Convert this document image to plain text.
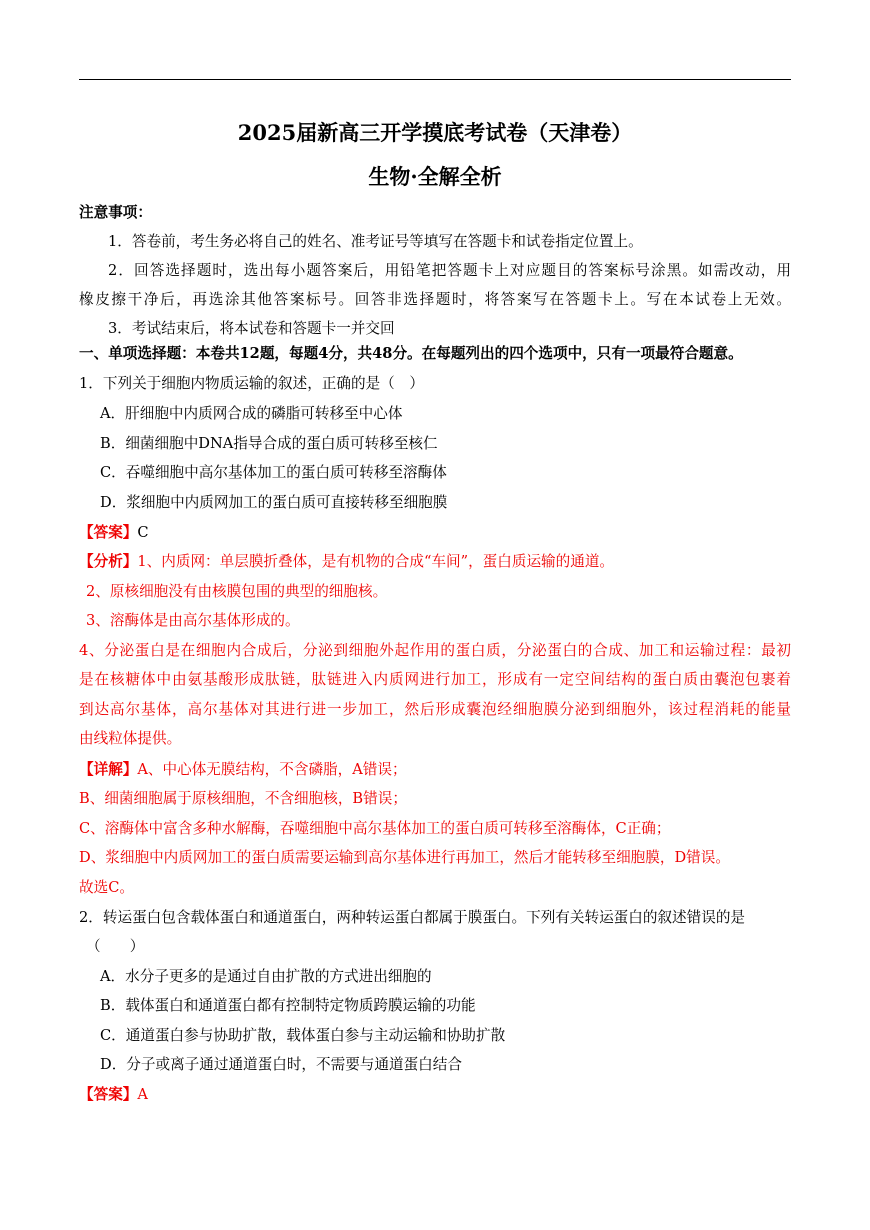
2025届新高三开学摸底考试卷（天津卷）
生物·全解全析
注意事项：
1．答卷前，考生务必将自己的姓名、准考证号等填写在答题卡和试卷指定位置上。
2．回答选择题时，选出每小题答案后，用铅笔把答题卡上对应题目的答案标号涂黑。如需改动，用
橡皮擦干净后，再选涂其他答案标号。回答非选择题时，将答案写在答题卡上。写在本试卷上无效。
3．考试结束后，将本试卷和答题卡一并交回
一、单项选择题：本卷共12题，每题4分，共48分。在每题列出的四个选项中，只有一项最符合题意。
1．下列关于细胞内物质运输的叙述，正确的是（　）
A．肝细胞中内质网合成的磷脂可转移至中心体
B．细菌细胞中DNA指导合成的蛋白质可转移至核仁
C．吞噬细胞中高尔基体加工的蛋白质可转移至溶酶体
D．浆细胞中内质网加工的蛋白质可直接转移至细胞膜
【答案】C
【分析】1、内质网：单层膜折叠体，是有机物的合成“车间”，蛋白质运输的通道。
2、原核细胞没有由核膜包围的典型的细胞核。
3、溶酶体是由高尔基体形成的。
4、分泌蛋白是在细胞内合成后，分泌到细胞外起作用的蛋白质，分泌蛋白的合成、加工和运输过程：最初
是在核糖体中由氨基酸形成肽链，肽链进入内质网进行加工，形成有一定空间结构的蛋白质由囊泡包裹着
到达高尔基体，高尔基体对其进行进一步加工，然后形成囊泡经细胞膜分泌到细胞外，该过程消耗的能量
由线粒体提供。
【详解】A、中心体无膜结构，不含磷脂，A错误；
B、细菌细胞属于原核细胞，不含细胞核，B错误；
C、溶酶体中富含多种水解酶，吞噬细胞中高尔基体加工的蛋白质可转移至溶酶体，C正确；
D、浆细胞中内质网加工的蛋白质需要运输到高尔基体进行再加工，然后才能转移至细胞膜，D错误。
故选C。
2．转运蛋白包含载体蛋白和通道蛋白，两种转运蛋白都属于膜蛋白。下列有关转运蛋白的叙述错误的是
（　　）
A．水分子更多的是通过自由扩散的方式进出细胞的
B．载体蛋白和通道蛋白都有控制特定物质跨膜运输的功能
C．通道蛋白参与协助扩散，载体蛋白参与主动运输和协助扩散
D．分子或离子通过通道蛋白时，不需要与通道蛋白结合
【答案】A
